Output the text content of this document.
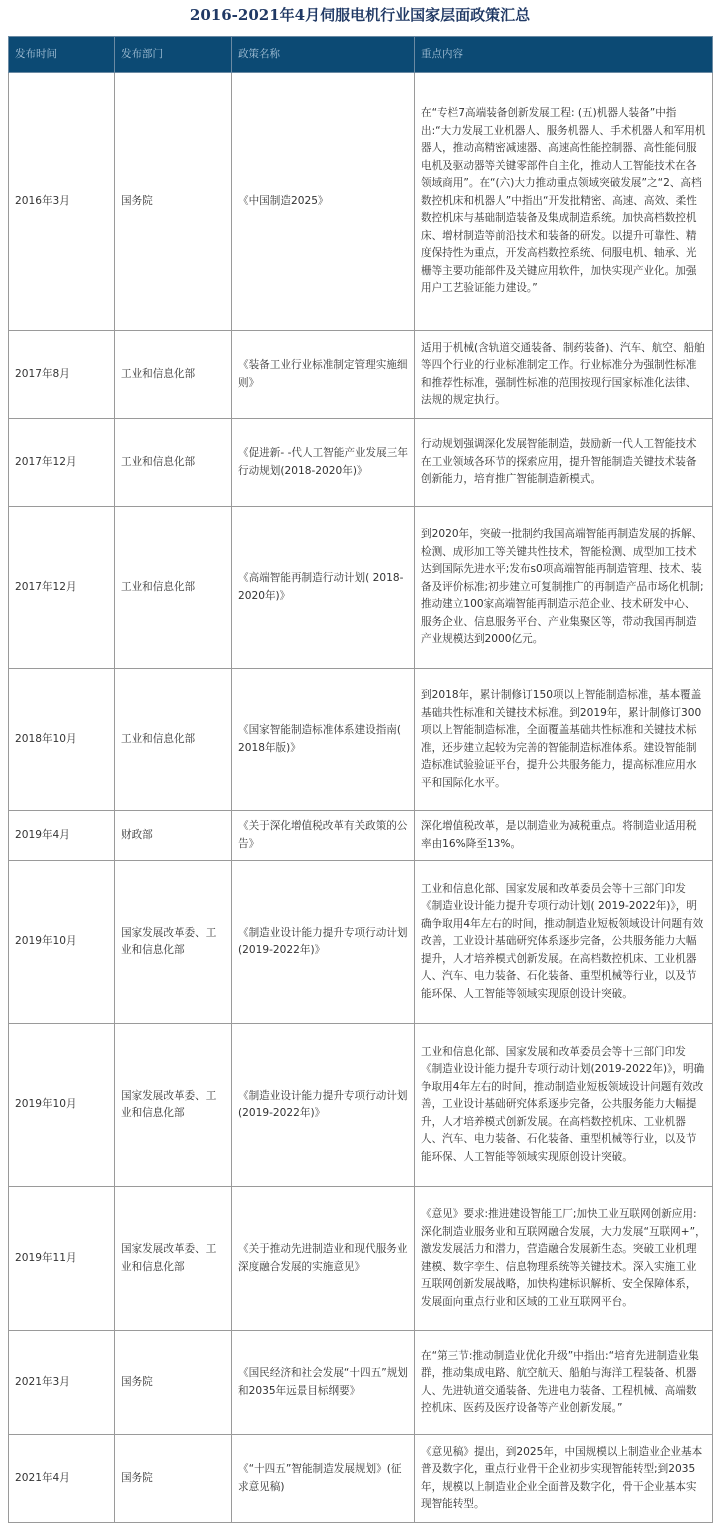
2016-2021年4月伺服电机行业国家层面政策汇总
发布时间	发布部门	政策名称	重点内容
2016年3月	国务院	《中国制造2025》	在“专栏7高端装备创新发展工程: (五)机器人装备”中指出:“大力发展工业机器人、服务机器人、手术机器人和军用机器人，推动高精密减速器、高速高性能控制器、高性能伺服电机及驱动器等关键零部件自主化，推动人工智能技术在各领域商用”。在“(六)大力推动重点领域突破发展”之“2、高档数控机床和机器人”中指出“开发批精密、高速、高效、柔性数控机床与基础制造装备及集成制造系统。加快高档数控机床、增材制造等前沿技术和装备的研发。以提升可靠性、精度保持性为重点，开发高档数控系统、伺服电机、轴承、光栅等主要功能部件及关键应用软件，加快实现产业化。加强用户工艺验证能力建设。”
2017年8月	工业和信息化部	《装备工业行业标准制定管理实施细则》	适用于机械(含轨道交通装备、制药装备)、汽车、航空、船舶等四个行业的行业标准制定工作。行业标准分为强制性标准和推荐性标准，强制性标准的范围按现行国家标准化法律、法规的规定执行。
2017年12月	工业和信息化部	《促进新- -代人工智能产业发展三年行动规划(2018-2020年)》	行动规划强调深化发展智能制造，鼓励新一代人工智能技术在工业领域各环节的探索应用，提升智能制造关键技术装备创新能力，培育推广智能制造新模式。
2017年12月	工业和信息化部	《高端智能再制造行动计划( 2018-2020年)》	到2020年，突破一批制约我国高端智能再制造发展的拆解、检测、成形加工等关键共性技术，智能检测、成型加工技术达到国际先进水平;发布s0项高端智能再制造管理、技术、装备及评价标准;初步建立可复制推广的再制造产品市场化机制;推动建立100家高端智能再制造示范企业、技术研发中心、服务企业、信息服务平台、产业集聚区等，带动我国再制造产业规模达到2000亿元。
2018年10月	工业和信息化部	《国家智能制造标准体系建设指南( 2018年版)》	到2018年，累计制修订150项以上智能制造标准，基本覆盖基础共性标准和关键技术标准。到2019年，累计制修订300项以上智能制造标准，全面覆盖基础共性标准和关键技术标准，还步建立起较为完善的智能制造标准体系。建设智能制造标准试验验证平台，提升公共服务能力，提高标准应用水平和国际化水平。
2019年4月	财政部	《关于深化增值税改革有关政策的公告》	深化增值税改革，是以制造业为减税重点。将制造业适用税率由16%降至13%。
2019年10月	国家发展改革委、工业和信息化部	《制造业设计能力提升专项行动计划(2019-2022年)》	工业和信息化部、国家发展和改革委员会等十三部门印发《制造业设计能力提升专项行动计划( 2019-2022年)》，明确争取用4年左右的时间，推动制造业短板领域设计问题有效改善，工业设计基础研究体系逐步完备，公共服务能力大幅提升，人才培养模式创新发展。在高档数控机床、工业机器人、汽车、电力装备、石化装备、重型机械等行业，以及节能环保、人工智能等领域实现原创设计突破。
2019年10月	国家发展改革委、工业和信息化部	《制造业设计能力提升专项行动计划(2019-2022年)》	工业和信息化部、国家发展和改革委员会等十三部门印发《制造业设计能力提升专项行动计划(2019-2022年)》，明确争取用4年左右的时间，推动制造业短板领域设计问题有效改善，工业设计基础研究体系逐步完备，公共服务能力大幅提升，人才培养模式创新发展。在高档数控机床、工业机器人、汽车、电力装备、石化装备、重型机械等行业，以及节能环保、人工智能等领域实现原创设计突破。
2019年11月	国家发展改革委、工业和信息化部	《关于推动先进制造业和现代服务业深度融合发展的实施意见》	《意见》要求:推进建设智能工厂;加快工业互联网创新应用:深化制造业服务业和互联网融合发展，大力发展“互联网+”，激发发展活力和潜力，营造融合发展新生态。突破工业机理建模、数字孪生、信息物理系统等关键技术。深入实施工业互联网创新发展战略，加快构建标识解析、安全保障体系，发展面向重点行业和区域的工业互联网平台。
2021年3月	国务院	《国民经济和社会发展“十四五”规划和2035年远景目标纲要》	在“第三节:推动制造业优化升级”中指出:“培育先进制造业集群，推动集成电路、航空航天、船舶与海洋工程装备、机器人、先进轨道交通装备、先进电力装备、工程机械、高端数控机床、医药及医疗设备等产业创新发展。”
2021年4月	国务院	《“十四五”智能制造发展规划》(征求意见稿)	《意见稿》提出，到2025年，中国规模以上制造业企业基本普及数字化，重点行业骨干企业初步实现智能转型;到2035年，规模以上制造业企业全面普及数字化，骨干企业基本实现智能转型。
